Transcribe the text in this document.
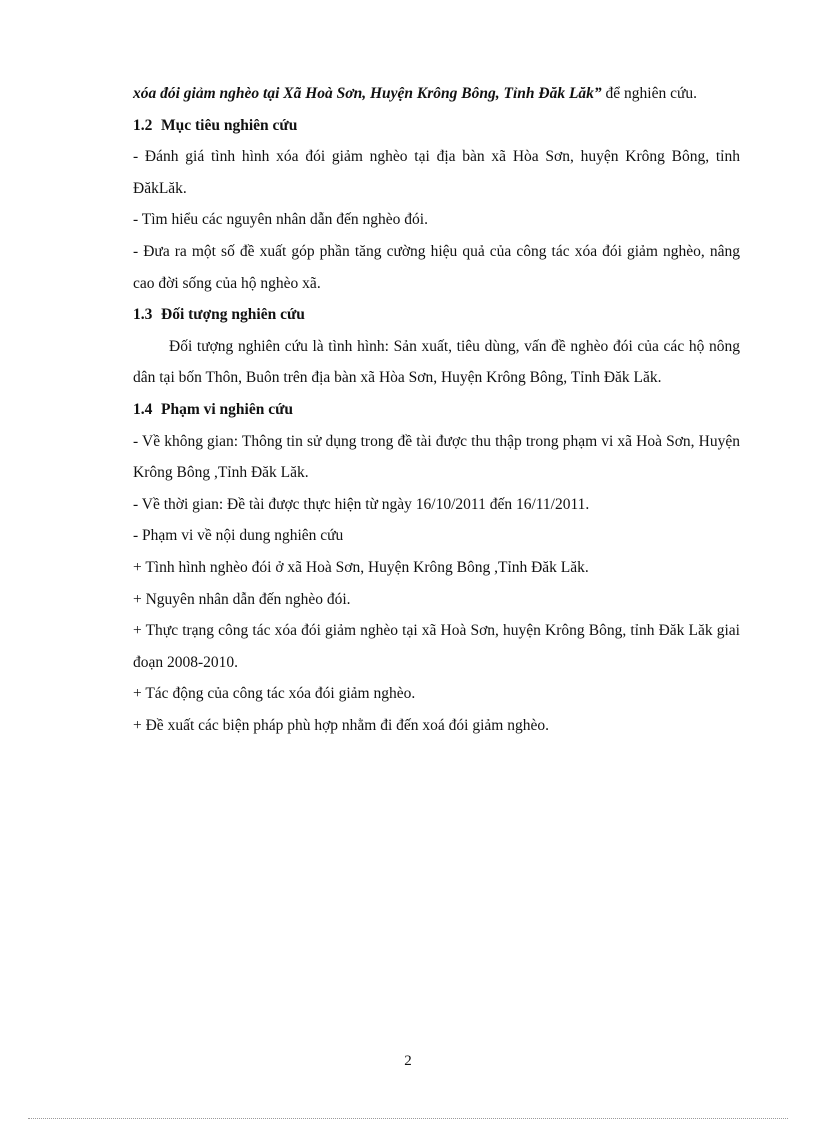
xóa đói giảm nghèo tại Xã Hoà Sơn, Huyện Krông Bông, Tỉnh Đăk Lăk” để nghiên cứu.

1.2 Mục tiêu nghiên cứu

- Đánh giá tình hình xóa đói giảm nghèo tại địa bàn xã Hòa Sơn, huyện Krông Bông, tỉnh ĐăkLăk.

- Tìm hiểu các nguyên nhân dẫn đến nghèo đói.

- Đưa ra một số đề xuất góp phần tăng cường hiệu quả của công tác xóa đói giảm nghèo, nâng cao đời sống của hộ nghèo xã.

1.3 Đối tượng nghiên cứu

Đối tượng nghiên cứu là tình hình: Sản xuất, tiêu dùng, vấn đề nghèo đói của các hộ nông dân tại bốn Thôn, Buôn trên địa bàn xã Hòa Sơn, Huyện Krông Bông, Tỉnh Đăk Lăk.

1.4 Phạm vi nghiên cứu

- Về không gian: Thông tin sử dụng trong đề tài được thu thập trong phạm vi xã Hoà Sơn, Huyện Krông Bông ,Tỉnh Đăk Lăk.

- Về thời gian: Đề tài được thực hiện từ ngày 16/10/2011 đến 16/11/2011.

- Phạm vi về nội dung nghiên cứu

+ Tình hình nghèo đói ở xã Hoà Sơn, Huyện Krông Bông ,Tỉnh Đăk Lăk.

+ Nguyên nhân dẫn đến nghèo đói.

+ Thực trạng công tác xóa đói giảm nghèo tại xã Hoà Sơn, huyện Krông Bông, tỉnh Đăk Lăk giai đoạn 2008-2010.

+ Tác động của công tác xóa đói giảm nghèo.

+ Đề xuất các biện pháp phù hợp nhằm đi đến xoá đói giảm nghèo.

2
